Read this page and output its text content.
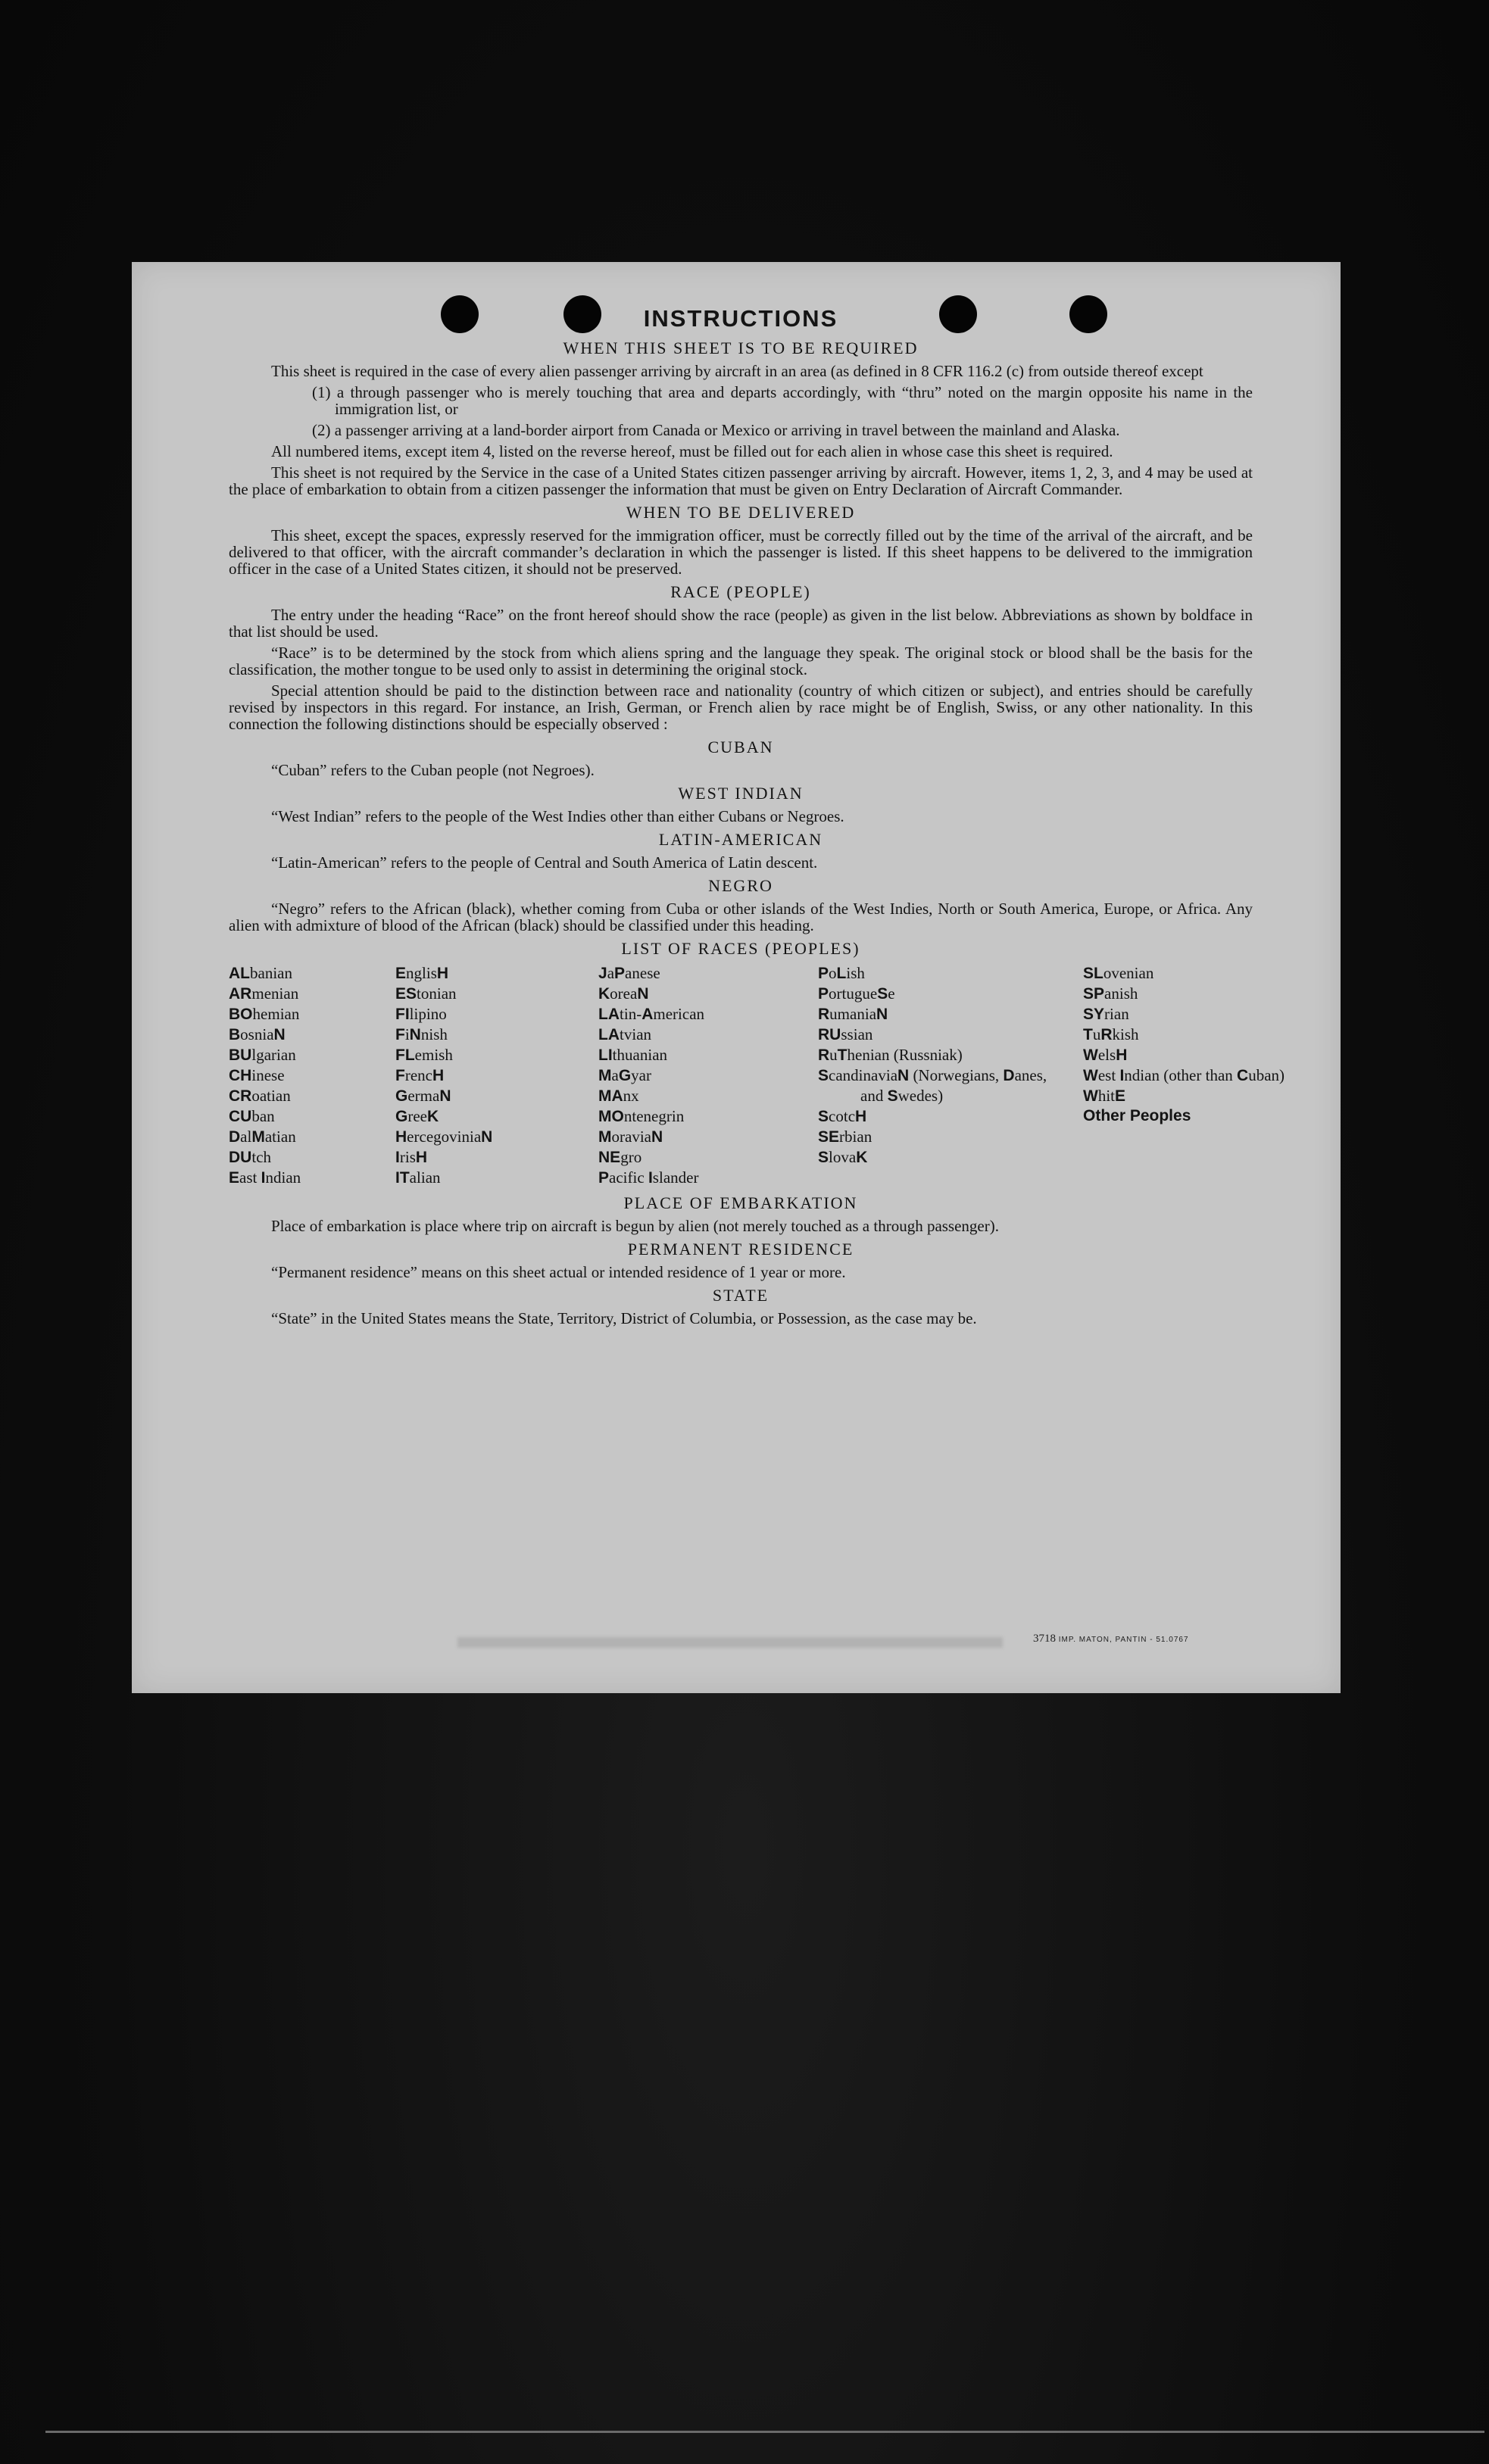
INSTRUCTIONS
WHEN THIS SHEET IS TO BE REQUIRED

This sheet is required in the case of every alien passenger arriving by aircraft in an area (as defined in 8 CFR 116.2 (c) from outside thereof except

(1) a through passenger who is merely touching that area and departs accordingly, with “thru” noted on the margin opposite his name in the immigration list, or
(2) a passenger arriving at a land-border airport from Canada or Mexico or arriving in travel between the mainland and Alaska.

All numbered items, except item 4, listed on the reverse hereof, must be filled out for each alien in whose case this sheet is required.

This sheet is not required by the Service in the case of a United States citizen passenger arriving by aircraft. However, items 1, 2, 3, and 4 may be used at the place of embarkation to obtain from a citizen passenger the information that must be given on Entry Declaration of Aircraft Commander.

WHEN TO BE DELIVERED

This sheet, except the spaces, expressly reserved for the immigration officer, must be correctly filled out by the time of the arrival of the aircraft, and be delivered to that officer, with the aircraft commander’s declaration in which the passenger is listed. If this sheet happens to be delivered to the immigration officer in the case of a United States citizen, it should not be preserved.

RACE (PEOPLE)

The entry under the heading “Race” on the front hereof should show the race (people) as given in the list below. Abbreviations as shown by boldface in that list should be used.

“Race” is to be determined by the stock from which aliens spring and the language they speak. The original stock or blood shall be the basis for the classification, the mother tongue to be used only to assist in determining the original stock.

Special attention should be paid to the distinction between race and nationality (country of which citizen or subject), and entries should be carefully revised by inspectors in this regard. For instance, an Irish, German, or French alien by race might be of English, Swiss, or any other nationality. In this connection the following distinctions should be especially observed :

CUBAN

“Cuban” refers to the Cuban people (not Negroes).

WEST INDIAN

“West Indian” refers to the people of the West Indies other than either Cubans or Negroes.

LATIN-AMERICAN

“Latin-American” refers to the people of Central and South America of Latin descent.

NEGRO

“Negro” refers to the African (black), whether coming from Cuba or other islands of the West Indies, North or South America, Europe, or Africa. Any alien with admixture of blood of the African (black) should be classified under this heading.

LIST OF RACES (PEOPLES)
ALbanian
ARmenian
BOhemian
BosniaN
BUlgarian
CHinese
CRoatian
CUban
DalMatian
DUtch
East Indian
EnglisH
EStonian
FIlipino
FiNnish
FLemish
FrencH
GermaN
GreeK
HercegoviniaN
IrisH
ITalian
JaPanese
KoreaN
LAtin-American
LAtvian
LIthuanian
MaGyar
MAnx
MOntenegrin
MoraviaN
NEgro
Pacific Islander
PoLish
PortugueSe
RumaniaN
RUssian
RuThenian (Russniak)
ScandinaviaN (Norwegians, Danes, and Swedes)
ScotcH
SErbian
SlovaK
SLovenian
SPanish
SYrian
TuRkish
WelsH
West Indian (other than Cuban)
WhitE
Other Peoples
PLACE OF EMBARKATION

Place of embarkation is place where trip on aircraft is begun by alien (not merely touched as a through passenger).

PERMANENT RESIDENCE

“Permanent residence” means on this sheet actual or intended residence of 1 year or more.

STATE

“State” in the United States means the State, Territory, District of Columbia, or Possession, as the case may be.

3718 IMP. MATON, PANTIN - 51.0767
